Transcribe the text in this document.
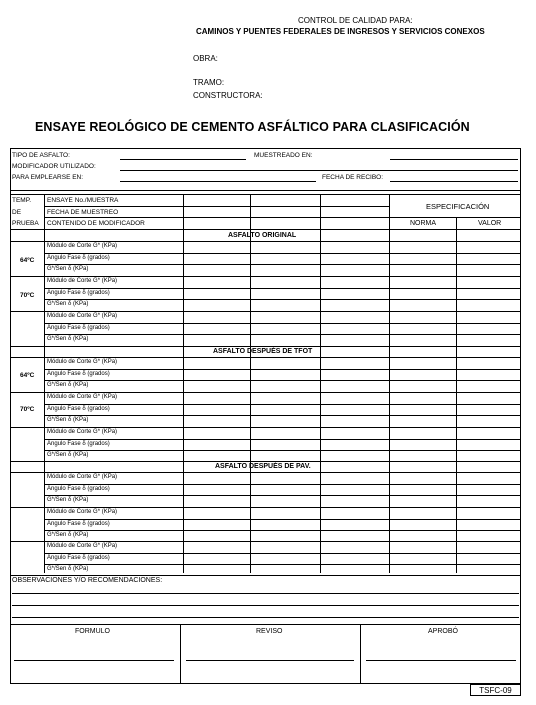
CONTROL DE CALIDAD PARA:
CAMINOS Y PUENTES FEDERALES DE INGRESOS Y SERVICIOS CONEXOS
OBRA:
TRAMO:
CONSTRUCTORA:
ENSAYE REOLÓGICO DE CEMENTO ASFÁLTICO PARA CLASIFICACIÓN
TIPO DE ASFALTO:	MUESTREADO EN:
MODIFICADOR UTILIZADO:
PARA EMPLEARSE EN:	FECHA DE RECIBO:
TEMP.
DE
PRUEBA
ENSAYE No./MUESTRA
FECHA DE MUESTREO
CONTENIDO DE MODIFICADOR
ESPECIFICACIÓN
NORMA	VALOR
ASFALTO ORIGINAL
Módulo de Corte G* (KPa)
64ºC Ángulo Fase δ (grados)
G*/Sen δ (KPa)
Módulo de Corte G* (KPa)
70ºC Ángulo Fase δ (grados)
G*/Sen δ (KPa)
Módulo de Corte G* (KPa)
Ángulo Fase δ (grados)
G*/Sen δ (KPa)
ASFALTO DESPUÉS DE TFOT
Módulo de Corte G* (KPa)
64ºC Ángulo Fase δ (grados)
G*/Sen δ (KPa)
Módulo de Corte G* (KPa)
70ºC Ángulo Fase δ (grados)
G*/Sen δ (KPa)
Módulo de Corte G* (KPa)
Ángulo Fase δ (grados)
G*/Sen δ (KPa)
ASFALTO DESPUÉS DE PAV.
Módulo de Corte G* (KPa)
Ángulo Fase δ (grados)
G*/Sen δ (KPa)
Módulo de Corte G* (KPa)
Ángulo Fase δ (grados)
G*/Sen δ (KPa)
Módulo de Corte G* (KPa)
Ángulo Fase δ (grados)
G*/Sen δ (KPa)
OBSERVACIONES Y/O RECOMENDACIONES:
FORMULO	REVISO	APROBÓ
TSFC-09
